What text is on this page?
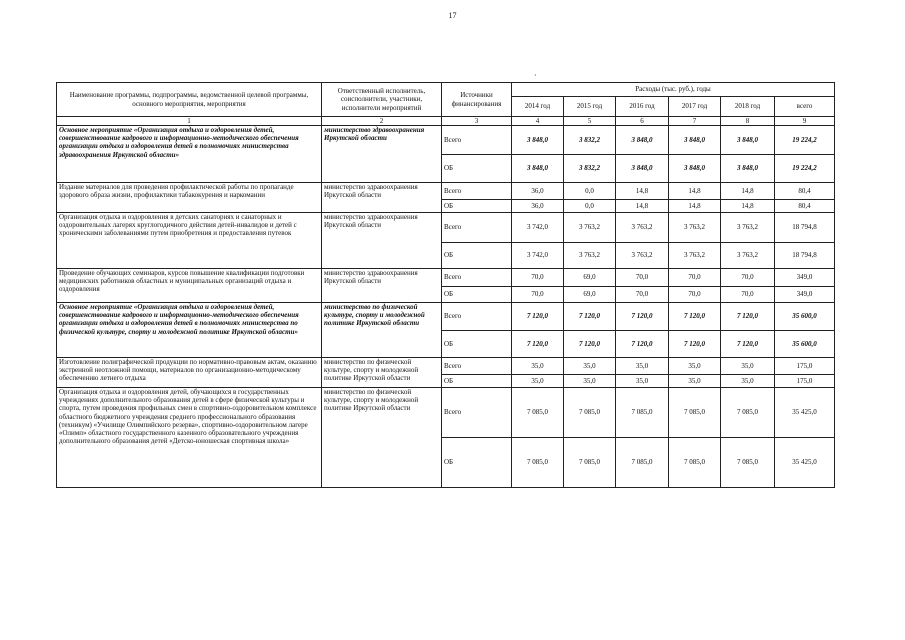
17
·
Наименование программы, подпрограммы, ведомственной целевой программы, основного мероприятия, мероприятия	Ответственный исполнитель, соисполнители, участники, исполнители мероприятий	Источники финансирования	Расходы (тыс. руб.), годы					
			2014 год	2015 год	2016 год	2017 год	2018 год	всего
1	2	3	4	5	6	7	8	9
Основное мероприятие «Организация отдыха и оздоровления детей, совершенствование кадрового и информационно-методического обеспечения организации отдыха и оздоровления детей в полномочиях министерства здравоохранения Иркутской области»	министерство здравоохранения Иркутской области	Всего	3 848,0	3 832,2	3 848,0	3 848,0	3 848,0	19 224,2
		ОБ	3 848,0	3 832,2	3 848,0	3 848,0	3 848,0	19 224,2
Издание материалов для проведения профилактической работы по пропаганде здорового образа жизни, профилактики табакокурения и наркомании	министерство здравоохранения Иркутской области	Всего	36,0	0,0	14,8	14,8	14,8	80,4
		ОБ	36,0	0,0	14,8	14,8	14,8	80,4
Организация отдыха и оздоровления в детских санаториях и санаторных и оздоровительных лагерях круглогодичного действия детей-инвалидов и детей с хроническими заболеваниями путем приобретения и предоставления путевок	министерство здравоохранения Иркутской области	Всего	3 742,0	3 763,2	3 763,2	3 763,2	3 763,2	18 794,8
		ОБ	3 742,0	3 763,2	3 763,2	3 763,2	3 763,2	18 794,8
Проведение обучающих семинаров, курсов повышение квалификации подготовки медицинских работников областных и муниципальных организаций отдыха и оздоровления	министерство здравоохранения Иркутской области	Всего	70,0	69,0	70,0	70,0	70,0	349,0
		ОБ	70,0	69,0	70,0	70,0	70,0	349,0
Основное мероприятие «Организация отдыха и оздоровления детей, совершенствование кадрового и информационно-методического обеспечения организации отдыха и оздоровления детей в полномочиях министерства по физической культуре, спорту и молодежной политике Иркутской области»	министерство по физической культуре, спорту и молодежной политике Иркутской области	Всего	7 120,0	7 120,0	7 120,0	7 120,0	7 120,0	35 600,0
		ОБ	7 120,0	7 120,0	7 120,0	7 120,0	7 120,0	35 600,0
Изготовление полиграфической продукции по нормативно-правовым актам, оказанию экстренной неотложной помощи, материалов по организационно-методическому обеспечению летнего отдыха	министерство по физической культуре, спорту и молодежной политике Иркутской области	Всего	35,0	35,0	35,0	35,0	35,0	175,0
		ОБ	35,0	35,0	35,0	35,0	35,0	175,0
Организация отдыха и оздоровления детей, обучающихся в государственных учреждениях дополнительного образования детей в сфере физической культуры и спорта, путем проведения профильных смен в спортивно-оздоровительном комплексе областного бюджетного учреждения среднего профессионального образования (техникум) «Училище Олимпийского резерва», спортивно-оздоровительном лагере «Олимп» областного государственного казенного образовательного учреждения дополнительного образования детей «Детско-юношеская спортивная школа»	министерство по физической культуре, спорту и молодежной политике Иркутской области	Всего	7 085,0	7 085,0	7 085,0	7 085,0	7 085,0	35 425,0
		ОБ	7 085,0	7 085,0	7 085,0	7 085,0	7 085,0	35 425,0
